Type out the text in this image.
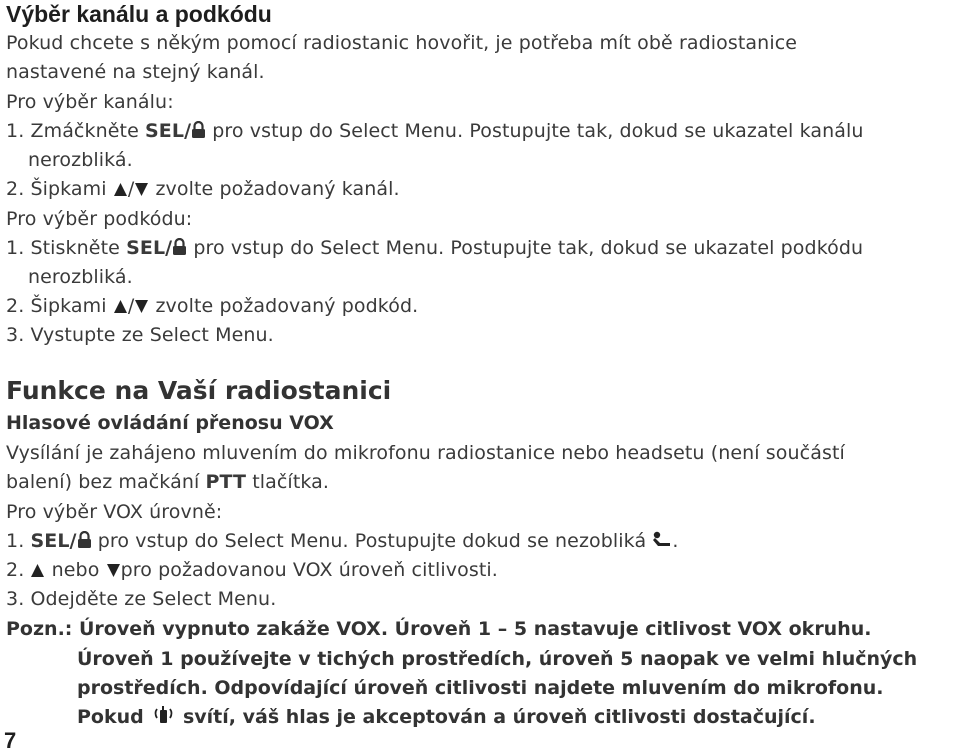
Výběr kanálu a podkódu
Pokud chcete s někým pomocí radiostanic hovořit, je potřeba mít obě radiostanice
nastavené na stejný kanál.
Pro výběr kanálu:
1. Zmáčkněte SEL/ pro vstup do Select Menu. Postupujte tak, dokud se ukazatel kanálu
nerozbliká.
2. Šipkami / zvolte požadovaný kanál.
Pro výběr podkódu:
1. Stiskněte SEL/ pro vstup do Select Menu. Postupujte tak, dokud se ukazatel podkódu
nerozbliká.
2. Šipkami / zvolte požadovaný podkód.
3. Vystupte ze Select Menu.
Funkce na Vaší radiostanici
Hlasové ovládání přenosu VOX
Vysílání je zahájeno mluvením do mikrofonu radiostanice nebo headsetu (není součástí
balení) bez mačkání PTT tlačítka.
Pro výběr VOX úrovně:
1. SEL/ pro vstup do Select Menu. Postupujte dokud se nezobliká .
2.  nebo pro požadovanou VOX úroveň citlivosti.
3. Odejděte ze Select Menu.
Pozn.: Úroveň vypnuto zakáže VOX. Úroveň 1 – 5 nastavuje citlivost VOX okruhu.
Úroveň 1 používejte v tichých prostředích, úroveň 5 naopak ve velmi hlučných
prostředích. Odpovídající úroveň citlivosti najdete mluvením do mikrofonu.
Pokud  svítí, váš hlas je akceptován a úroveň citlivosti dostačující.
7
